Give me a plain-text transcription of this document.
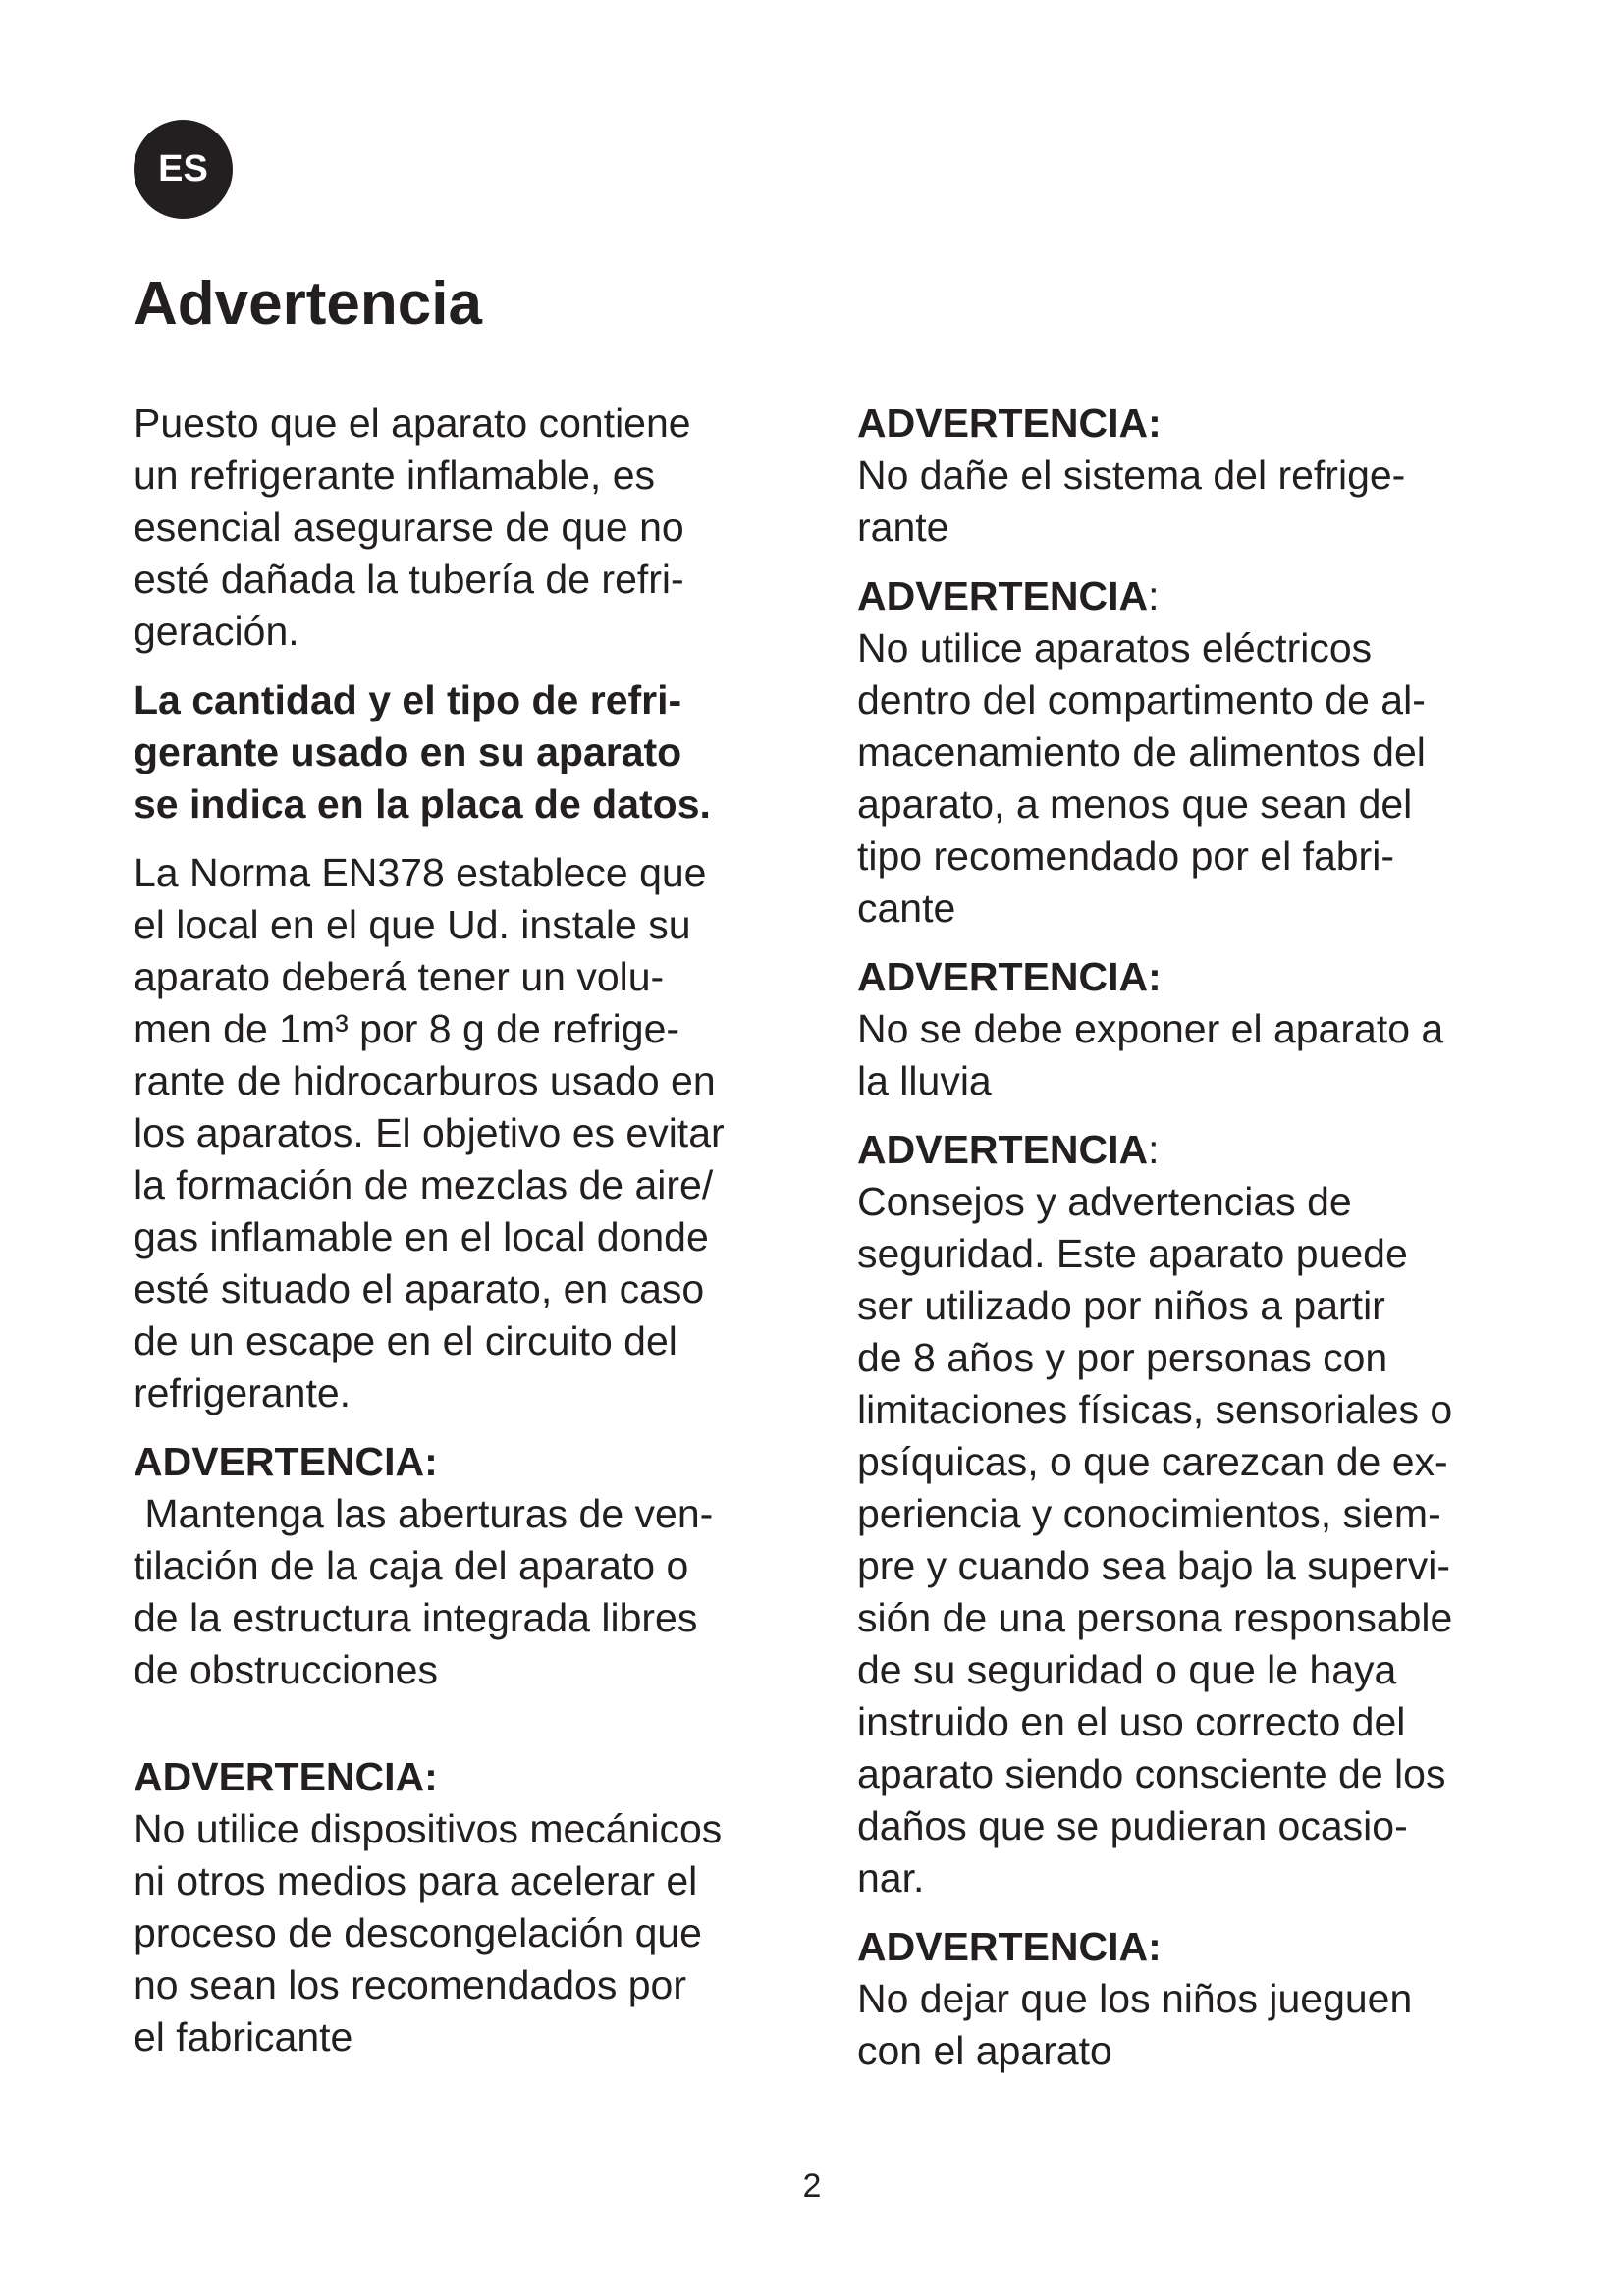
ES
Advertencia

Puesto que el aparato contiene
un refrigerante inflamable, es
esencial asegurarse de que no
esté dañada la tubería de refri-
geración.

La cantidad y el tipo de refri-
gerante usado en su aparato
se indica en la placa de datos.

La Norma EN378 establece que
el local en el que Ud. instale su
aparato deberá tener un volu-
men de 1m³ por 8 g de refrige-
rante de hidrocarburos usado en
los aparatos. El objetivo es evitar
la formación de mezclas de aire/
gas inflamable en el local donde
esté situado el aparato, en caso
de un escape en el circuito del
refrigerante.

ADVERTENCIA:
Mantenga las aberturas de ven-
tilación de la caja del aparato o
de la estructura integrada libres
de obstrucciones
ADVERTENCIA:
No utilice dispositivos mecánicos
ni otros medios para acelerar el
proceso de descongelación que
no sean los recomendados por
el fabricante
ADVERTENCIA:
No dañe el sistema del refrige-
rante
ADVERTENCIA:
No utilice aparatos eléctricos
dentro del compartimento de al-
macenamiento de alimentos del
aparato, a menos que sean del
tipo recomendado por el fabri-
cante
ADVERTENCIA:
No se debe exponer el aparato a
la lluvia
ADVERTENCIA:
Consejos y advertencias de
seguridad. Este aparato puede
ser utilizado por niños a partir
de 8 años y por personas con
limitaciones físicas, sensoriales o
psíquicas, o que carezcan de ex-
periencia y conocimientos, siem-
pre y cuando sea bajo la supervi-
sión de una persona responsable
de su seguridad o que le haya
instruido en el uso correcto del
aparato siendo consciente de los
daños que se pudieran ocasio-
nar.
ADVERTENCIA:
No dejar que los niños jueguen
con el aparato
2
